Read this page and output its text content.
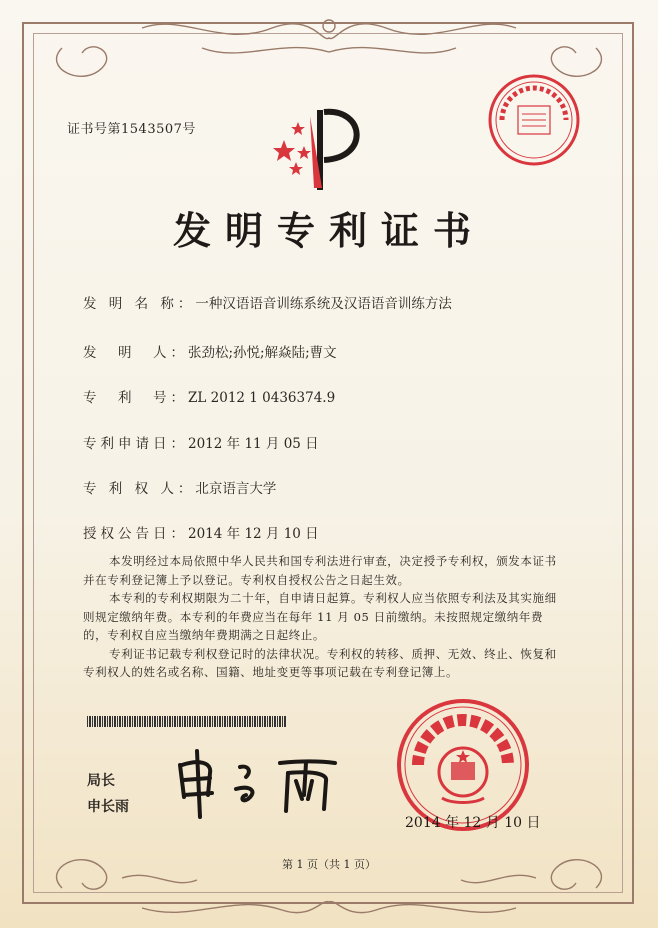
证书号第1543507号
发明专利证书
发 明 名 称：一种汉语语音训练系统及汉语语音训练方法
发　明　人：张劲松;孙悦;解焱陆;曹文
专　利　号：ZL 2012 1 0436374.9
专利申请日：2012 年 11 月 05 日
专 利 权 人：北京语言大学
授权公告日：2014 年 12 月 10 日

本发明经过本局依照中华人民共和国专利法进行审查，决定授予专利权，颁发本证书并在专利登记簿上予以登记。专利权自授权公告之日起生效。

本专利的专利权期限为二十年，自申请日起算。专利权人应当依照专利法及其实施细则规定缴纳年费。本专利的年费应当在每年 11 月 05 日前缴纳。未按照规定缴纳年费的，专利权自应当缴纳年费期满之日起终止。

专利证书记载专利权登记时的法律状况。专利权的转移、质押、无效、终止、恢复和专利权人的姓名或名称、国籍、地址变更等事项记载在专利登记簿上。

局长
申长雨
2014 年 12 月 10 日
第 1 页（共 1 页）
